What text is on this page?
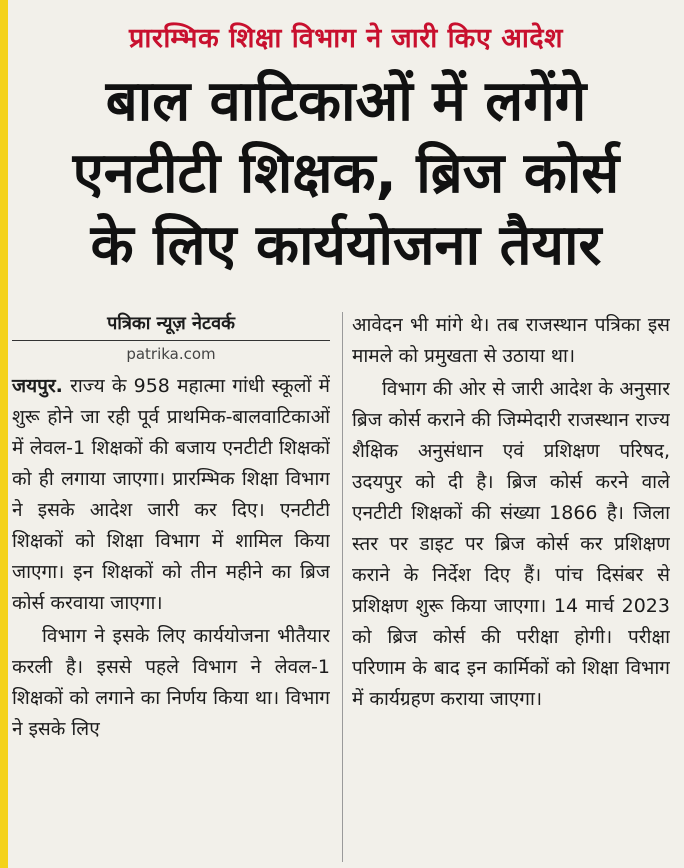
प्रारम्भिक शिक्षा विभाग ने जारी किए आदेश
बाल वाटिकाओं में लगेंगे
एनटीटी शिक्षक, ब्रिज कोर्स
के लिए कार्ययोजना तैयार
पत्रिका न्यूज़ नेटवर्क
patrika.com

जयपुर. राज्य के 958 महात्मा गांधी स्कूलों में शुरू होने जा रही पूर्व प्राथमिक-बालवाटिकाओं में लेवल-1 शिक्षकों की बजाय एनटीटी शिक्षकों को ही लगाया जाएगा। प्रारम्भिक शिक्षा विभाग ने इसके आदेश जारी कर दिए। एनटीटी शिक्षकों को शिक्षा विभाग में शामिल किया जाएगा। इन शिक्षकों को तीन महीने का ब्रिज कोर्स करवाया जाएगा।

विभाग ने इसके लिए कार्ययोजना भीतैयार करली है। इससे पहले विभाग ने लेवल-1 शिक्षकों को लगाने का निर्णय किया था। विभाग ने इसके लिए

आवेदन भी मांगे थे। तब राजस्थान पत्रिका इस मामले को प्रमुखता से उठाया था।

विभाग की ओर से जारी आदेश के अनुसार ब्रिज कोर्स कराने की जिम्मेदारी राजस्थान राज्य शैक्षिक अनुसंधान एवं प्रशिक्षण परिषद, उदयपुर को दी है। ब्रिज कोर्स करने वाले एनटीटी शिक्षकों की संख्या 1866 है। जिला स्तर पर डाइट पर ब्रिज कोर्स कर प्रशिक्षण कराने के निर्देश दिए हैं। पांच दिसंबर से प्रशिक्षण शुरू किया जाएगा। 14 मार्च 2023 को ब्रिज कोर्स की परीक्षा होगी। परीक्षा परिणाम के बाद इन कार्मिकों को शिक्षा विभाग में कार्यग्रहण कराया जाएगा।
